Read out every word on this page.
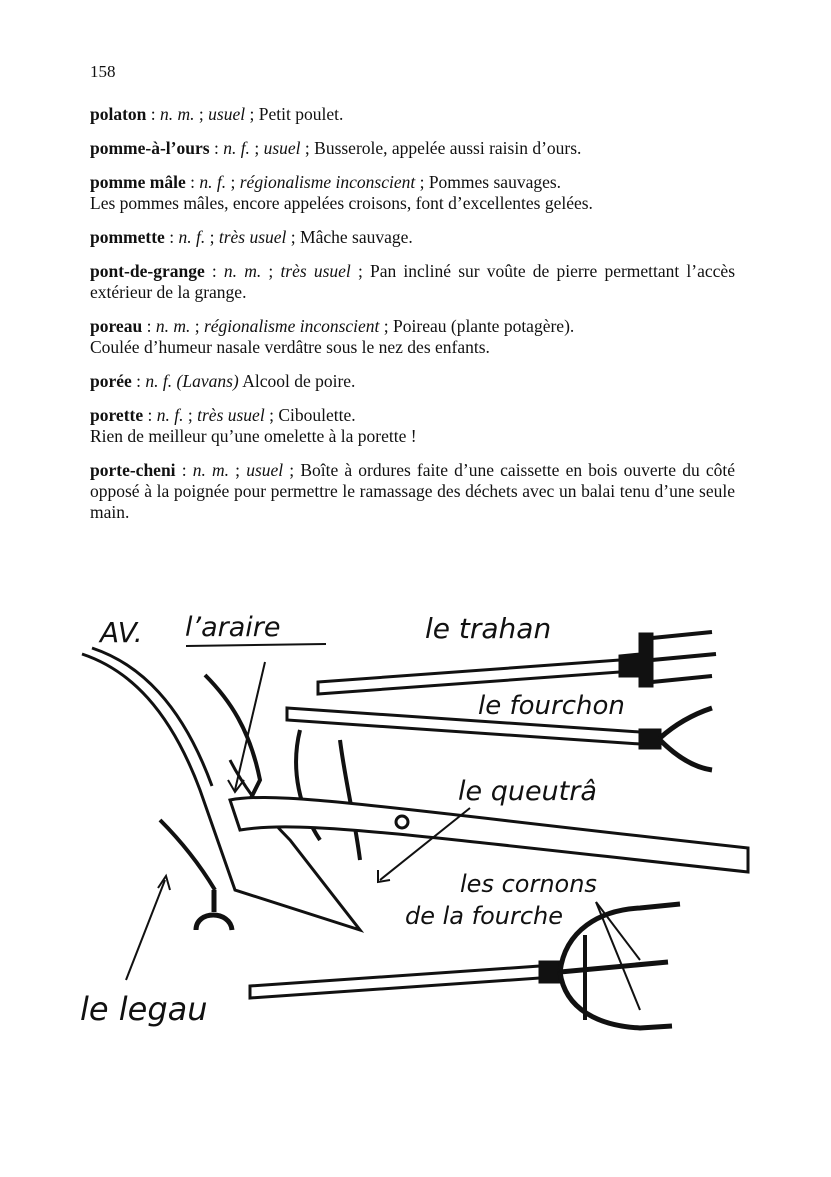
158
polaton : n. m. ; usuel ; Petit poulet.
pomme-à-l’ours : n. f. ; usuel ; Busserole, appelée aussi raisin d’ours.
pomme mâle : n. f. ; régionalisme inconscient ; Pommes sauvages.
Les pommes mâles, encore appelées croisons, font d’excellentes gelées.
pommette : n. f. ; très usuel ; Mâche sauvage.
pont-de-grange : n. m. ; très usuel ; Pan incliné sur voûte de pierre permettant l’accès extérieur de la grange.
poreau : n. m. ; régionalisme inconscient ; Poireau (plante potagère).
Coulée d’humeur nasale verdâtre sous le nez des enfants.
porée : n. f. (Lavans) Alcool de poire.
porette : n. f. ; très usuel ; Ciboulette.
Rien de meilleur qu’une omelette à la porette !
porte-cheni : n. m. ; usuel ; Boîte à ordures faite d’une caissette en bois ouverte du côté opposé à la poignée pour permettre le ramassage des déchets avec un balai tenu d’une seule main.
AV. l’araire	le trahan
le fourchon
le queutrâ
les cornons
de la fourche
le legau
